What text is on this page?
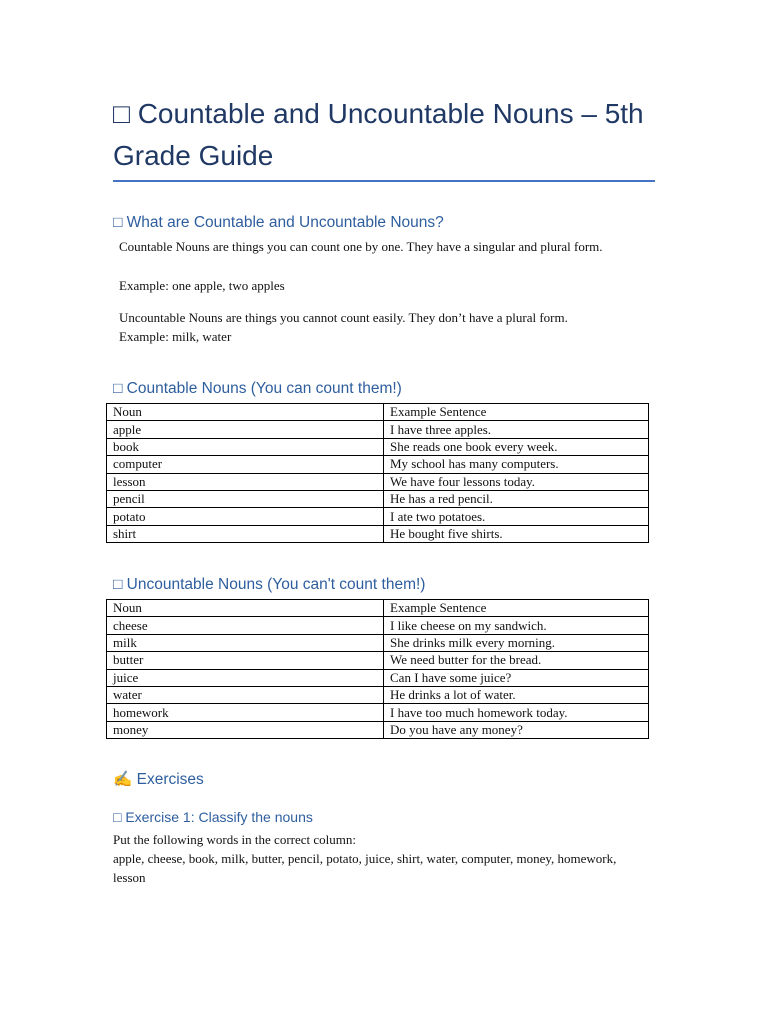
□ Countable and Uncountable Nouns – 5th Grade Guide
□ What are Countable and Uncountable Nouns?

Countable Nouns are things you can count one by one. They have a singular and plural form.

Example: one apple, two apples

Uncountable Nouns are things you cannot count easily. They don’t have a plural form.

Example: milk, water

□ Countable Nouns (You can count them!)
Noun	Example Sentence
apple	I have three apples.
book	She reads one book every week.
computer	My school has many computers.
lesson	We have four lessons today.
pencil	He has a red pencil.
potato	I ate two potatoes.
shirt	He bought five shirts.
□ Uncountable Nouns (You can't count them!)
Noun	Example Sentence
cheese	I like cheese on my sandwich.
milk	She drinks milk every morning.
butter	We need butter for the bread.
juice	Can I have some juice?
water	He drinks a lot of water.
homework	I have too much homework today.
money	Do you have any money?
✍️ Exercises
□ Exercise 1: Classify the nouns

Put the following words in the correct column:

apple, cheese, book, milk, butter, pencil, potato, juice, shirt, water, computer, money, homework, lesson
